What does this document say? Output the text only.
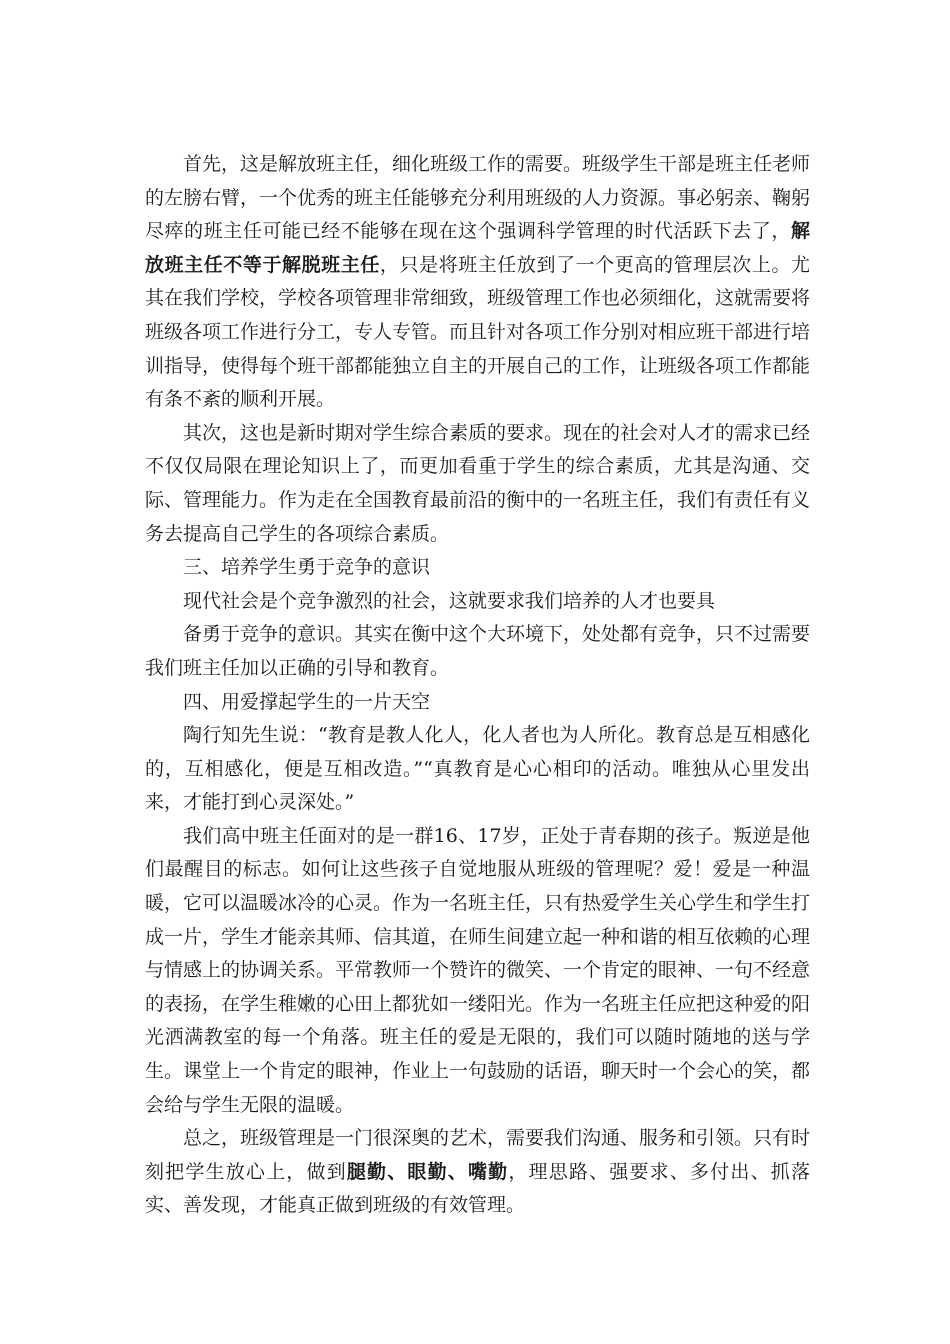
首先，这是解放班主任，细化班级工作的需要。班级学生干部是班主任老师的左膀右臂，一个优秀的班主任能够充分利用班级的人力资源。事必躬亲、鞠躬尽瘁的班主任可能已经不能够在现在这个强调科学管理的时代活跃下去了，解放班主任不等于解脱班主任，只是将班主任放到了一个更高的管理层次上。尤其在我们学校，学校各项管理非常细致，班级管理工作也必须细化，这就需要将班级各项工作进行分工，专人专管。而且针对各项工作分别对相应班干部进行培训指导，使得每个班干部都能独立自主的开展自己的工作，让班级各项工作都能有条不紊的顺利开展。

其次，这也是新时期对学生综合素质的要求。现在的社会对人才的需求已经不仅仅局限在理论知识上了，而更加看重于学生的综合素质，尤其是沟通、交际、管理能力。作为走在全国教育最前沿的衡中的一名班主任，我们有责任有义务去提高自己学生的各项综合素质。

三、培养学生勇于竞争的意识

现代社会是个竞争激烈的社会，这就要求我们培养的人才也要具

备勇于竞争的意识。其实在衡中这个大环境下，处处都有竞争，只不过需要我们班主任加以正确的引导和教育。

四、用爱撑起学生的一片天空

陶行知先生说：“教育是教人化人，化人者也为人所化。教育总是互相感化的，互相感化，便是互相改造。”“真教育是心心相印的活动。唯独从心里发出来，才能打到心灵深处。”

我们高中班主任面对的是一群16、17岁，正处于青春期的孩子。叛逆是他们最醒目的标志。如何让这些孩子自觉地服从班级的管理呢？爱！爱是一种温暖，它可以温暖冰冷的心灵。作为一名班主任，只有热爱学生关心学生和学生打成一片，学生才能亲其师、信其道，在师生间建立起一种和谐的相互依赖的心理与情感上的协调关系。平常教师一个赞许的微笑、一个肯定的眼神、一句不经意的表扬，在学生稚嫩的心田上都犹如一缕阳光。作为一名班主任应把这种爱的阳光洒满教室的每一个角落。班主任的爱是无限的，我们可以随时随地的送与学生。课堂上一个肯定的眼神，作业上一句鼓励的话语，聊天时一个会心的笑，都会给与学生无限的温暖。

总之，班级管理是一门很深奥的艺术，需要我们沟通、服务和引领。只有时刻把学生放心上，做到腿勤、眼勤、嘴勤，理思路、强要求、多付出、抓落实、善发现，才能真正做到班级的有效管理。
